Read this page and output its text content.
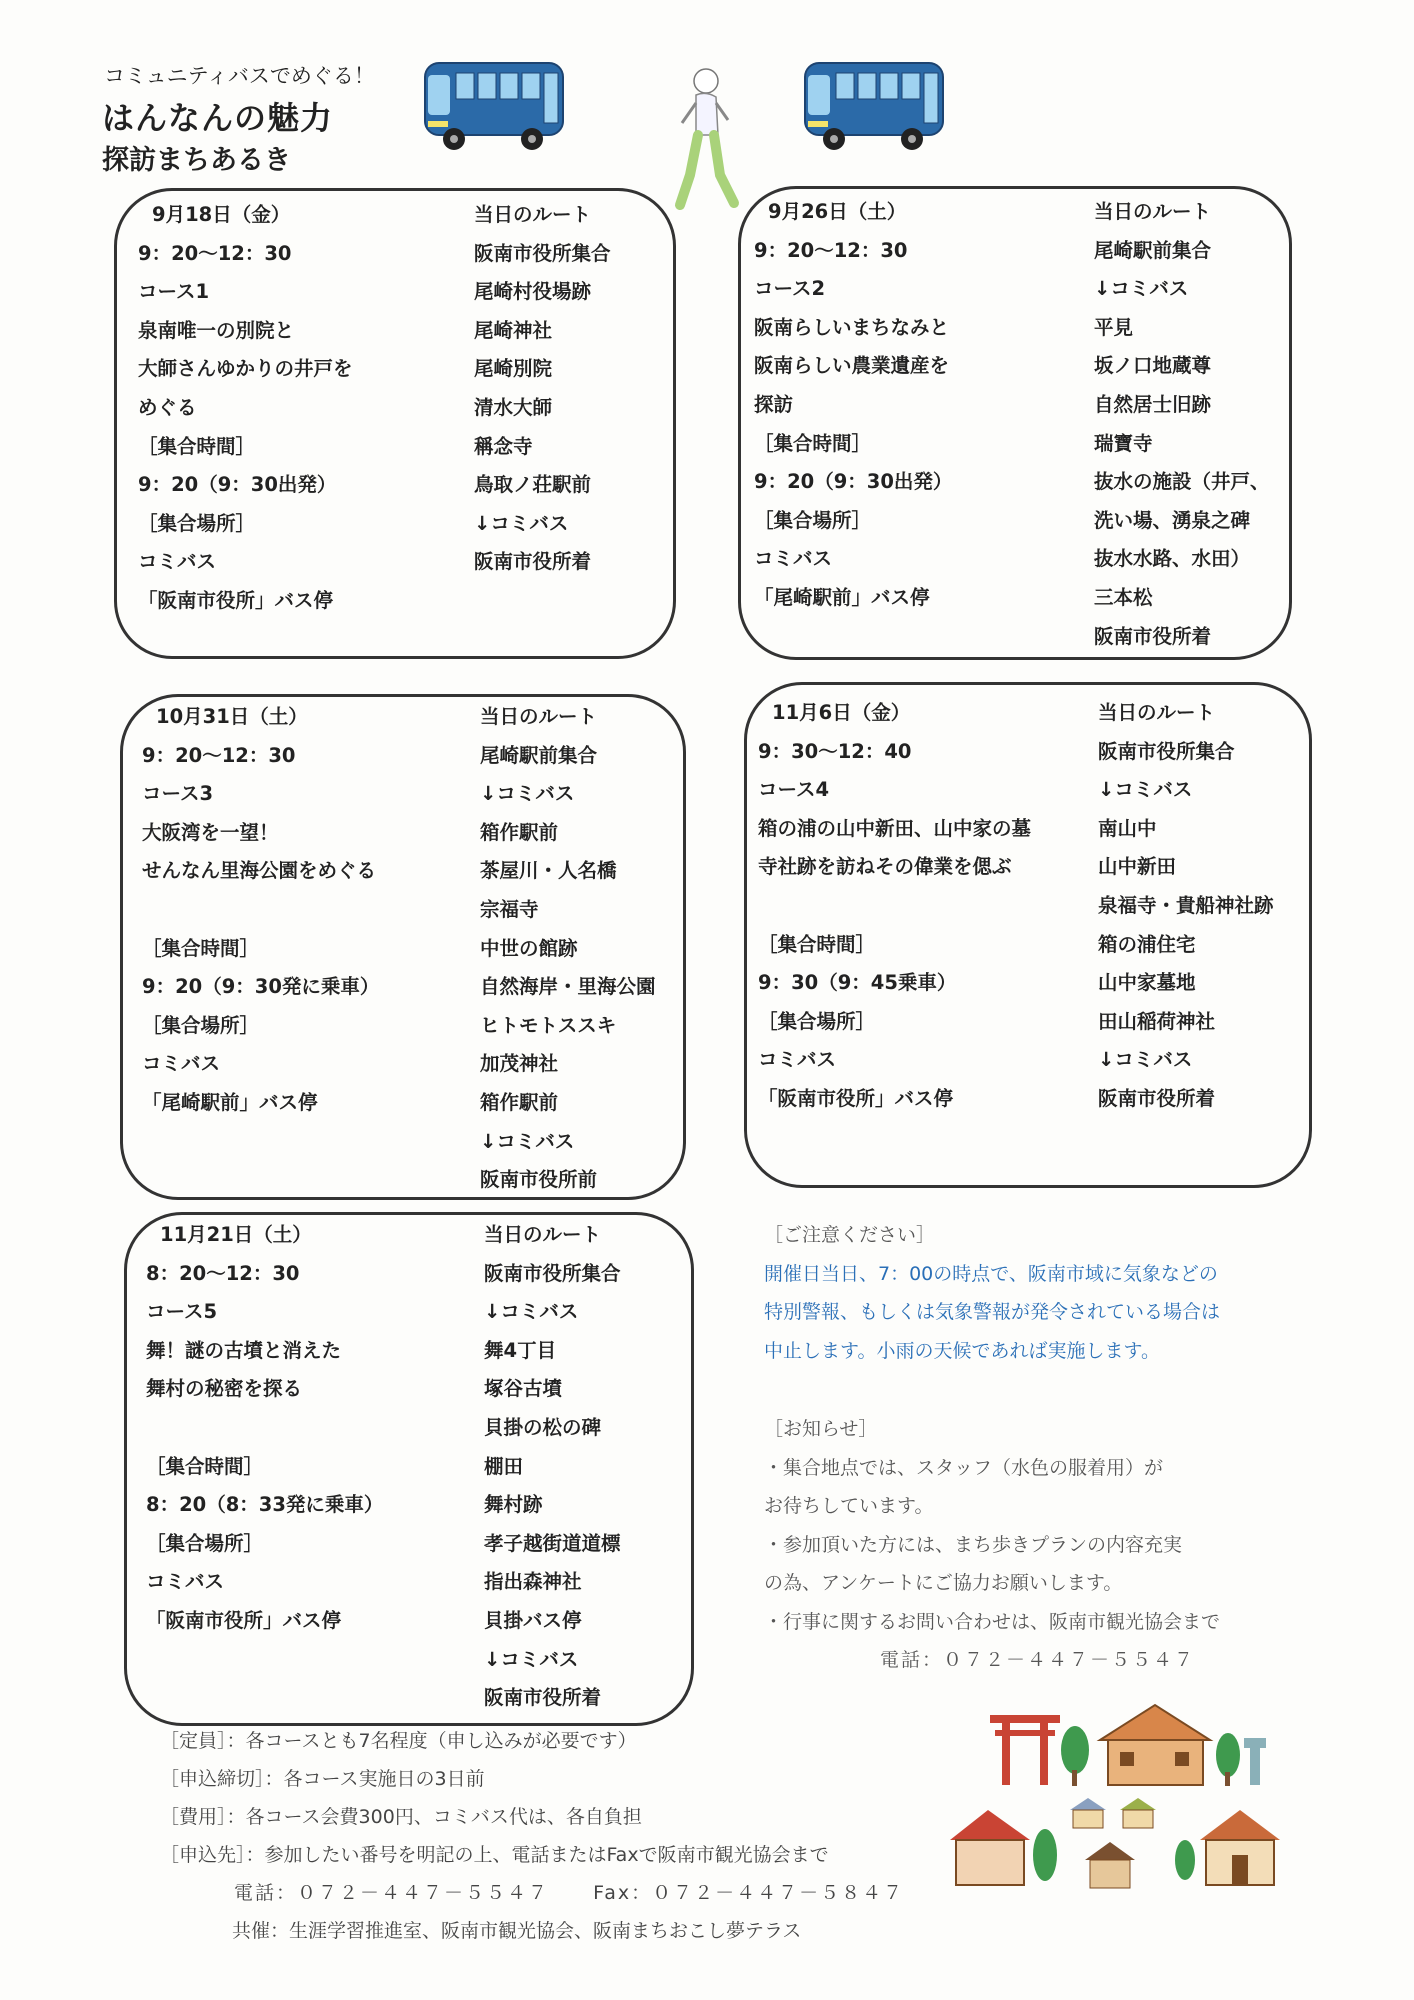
コミュニティバスでめぐる！
はんなんの魅力
探訪まちあるき
9月18日（金）
9：20〜12：30
コース1
泉南唯一の別院と
大師さんゆかりの井戸を
めぐる
［集合時間］
9：20（9：30出発）
［集合場所］
コミバス
「阪南市役所」バス停
当日のルート
阪南市役所集合
尾崎村役場跡
尾崎神社
尾崎別院
清水大師
稱念寺
鳥取ノ荘駅前
↓コミバス
阪南市役所着
9月26日（土）
9：20〜12：30
コース2
阪南らしいまちなみと
阪南らしい農業遺産を
探訪
［集合時間］
9：20（9：30出発）
［集合場所］
コミバス
「尾崎駅前」バス停
当日のルート
尾崎駅前集合
↓コミバス
平見
坂ノ口地蔵尊
自然居士旧跡
瑞寶寺
抜水の施設（井戸、
洗い場、湧泉之碑
抜水水路、水田）
三本松
阪南市役所着
10月31日（土）
9：20〜12：30
コース3
大阪湾を一望！
せんなん里海公園をめぐる
［集合時間］
9：20（9：30発に乗車）
［集合場所］
コミバス
「尾崎駅前」バス停
当日のルート
尾崎駅前集合
↓コミバス
箱作駅前
茶屋川・人名橋
宗福寺
中世の館跡
自然海岸・里海公園
ヒトモトススキ
加茂神社
箱作駅前
↓コミバス
阪南市役所前
11月6日（金）
9：30〜12：40
コース4
箱の浦の山中新田、山中家の墓
寺社跡を訪ねその偉業を偲ぶ
［集合時間］
9：30（9：45乗車）
［集合場所］
コミバス
「阪南市役所」バス停
当日のルート
阪南市役所集合
↓コミバス
南山中
山中新田
泉福寺・貴船神社跡
箱の浦住宅
山中家墓地
田山稲荷神社
↓コミバス
阪南市役所着
11月21日（土）
8：20〜12：30
コース5
舞！謎の古墳と消えた
舞村の秘密を探る
［集合時間］
8：20（8：33発に乗車）
［集合場所］
コミバス
「阪南市役所」バス停
当日のルート
阪南市役所集合
↓コミバス
舞4丁目
塚谷古墳
貝掛の松の碑
棚田
舞村跡
孝子越街道道標
指出森神社
貝掛バス停
↓コミバス
阪南市役所着
［ご注意ください］
開催日当日、7：00の時点で、阪南市域に気象などの
特別警報、もしくは気象警報が発令されている場合は
中止します。小雨の天候であれば実施します。
［お知らせ］
・集合地点では、スタッフ（水色の服着用）が
お待ちしています。
・参加頂いた方には、まち歩きプランの内容充実
の為、アンケートにご協力お願いします。
・行事に関するお問い合わせは、阪南市観光協会まで
電話：０７２－４４７－５５４７
［定員］：各コースとも7名程度（申し込みが必要です）
［申込締切］：各コース実施日の3日前
［費用］：各コース会費300円、コミバス代は、各自負担
［申込先］：参加したい番号を明記の上、電話またはFaxで阪南市観光協会まで
電話：０７２－４４７－５５４７ Fax：０７２－４４７－５８４７
共催：生涯学習推進室、阪南市観光協会、阪南まちおこし夢テラス
